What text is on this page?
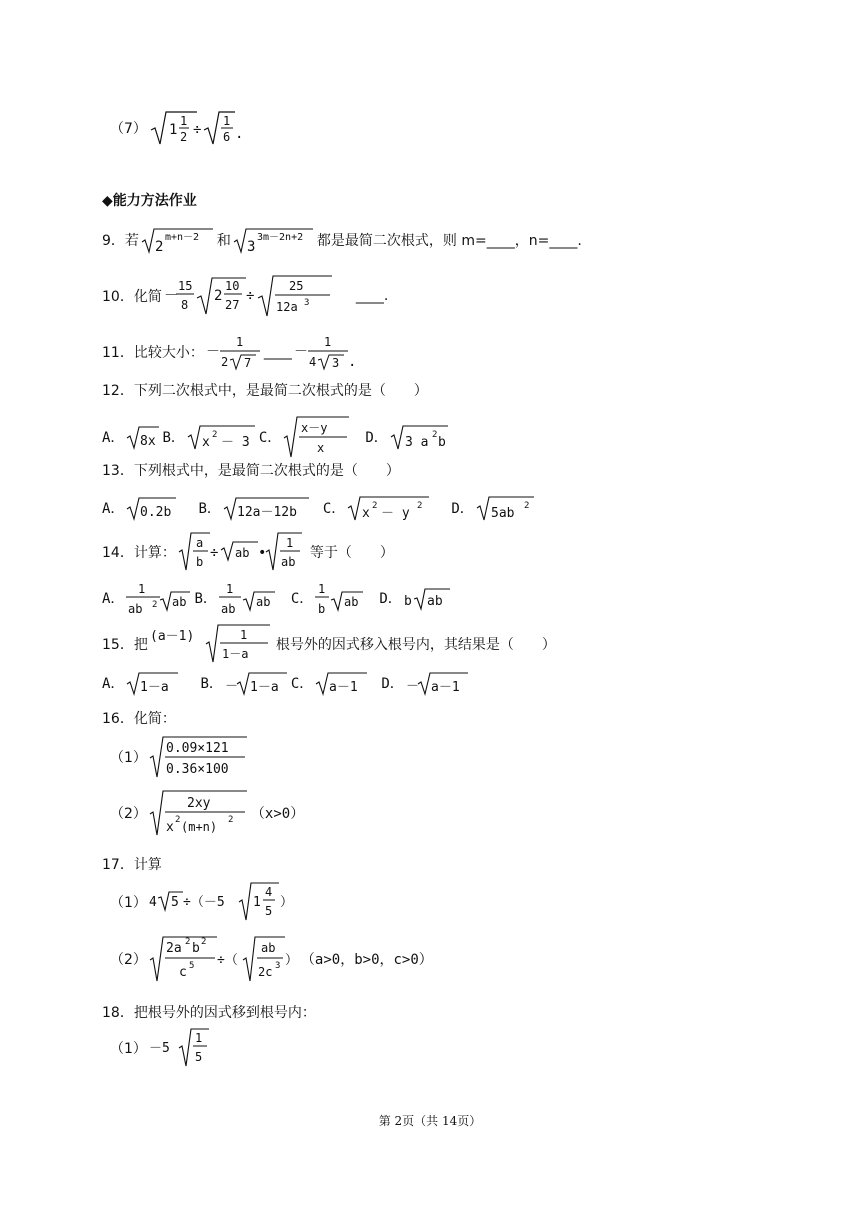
（7） 1
1
2 ÷
1
6 .
◆能力方法作业
9．若 2
m+n－2 和 3
3m－2n+2 都是最简二次根式，则 m=____，n=____.
10．化简 －
15
8
2
10
27
÷
25
12a 3	____.
11．比较大小： －
1
2 7
____ －
1
4 3 .
12．下列二次根式中，是最简二次根式的是（　　）
A． 8x B． x 2 － 3 C．
x－y
x
D． 3 a 2 b
13．下列根式中，是最简二次根式的是（　　）
A． 0.2b B． 12a－12b C． x 2 － y 2 D． 5ab 2
14．计算：
a
b
÷ ab •
1
ab
等于（　　）
A．
1
ab 2 ab B．
1
ab ab C．
1
b ab D． b ab
15．把
(a－1)	1
1－a
根号外的因式移入根号内，其结果是（　　）
A． 1－a B． － 1－a C． a－1 D． － a－1
16．化简：
（1）
0.09×121
0.36×100
（2）
2xy
x 2 (m+n) 2 （x>0）
17．计算
（1） 4 5 ÷（－5 1
4
5
）
（2）
2a 2 b 2
c 5 ÷（
ab
2c 3 ） （a>0，b>0，c>0）
18．把根号外的因式移到根号内：
（1） －5
1
5
第 2页（共 14页）
